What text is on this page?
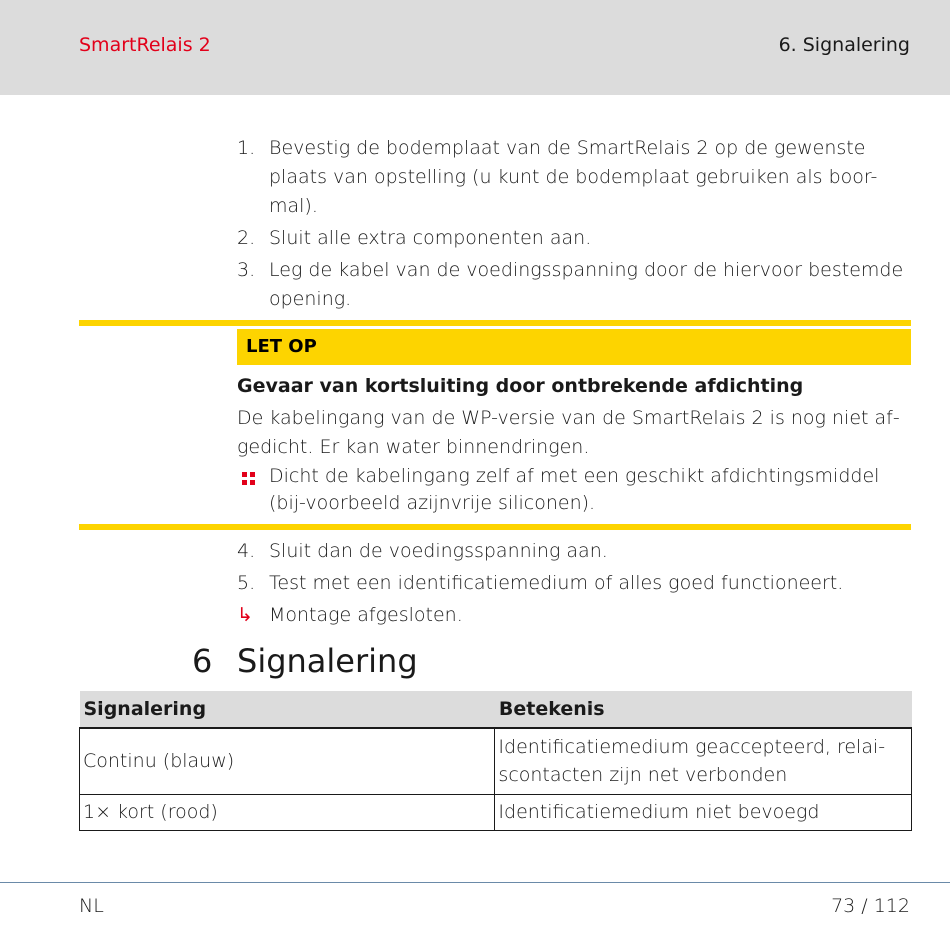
SmartRelais 2	6. Signalering
1. Bevestig de bodemplaat van de SmartRelais 2 op de gewenste plaats van opstelling (u kunt de bodemplaat gebruiken als boor-mal).
2. Sluit alle extra componenten aan.
3. Leg de kabel van de voedingsspanning door de hiervoor bestemde opening.
LET OP
Gevaar van kortsluiting door ontbrekende afdichting
De kabelingang van de WP-versie van de SmartRelais 2 is nog niet af-gedicht. Er kan water binnendringen.
Dicht de kabelingang zelf af met een geschikt afdichtingsmiddel (bij-voorbeeld azijnvrije siliconen).
4. Sluit dan de voedingsspanning aan.
5. Test met een identificatiemedium of alles goed functioneert.
↳ Montage afgesloten.
6 Signalering
Signalering	Betekenis
Continu (blauw)	Identificatiemedium geaccepteerd, relai-scontacten zijn net verbonden
1× kort (rood)	Identificatiemedium niet bevoegd
NL	73 / 112
